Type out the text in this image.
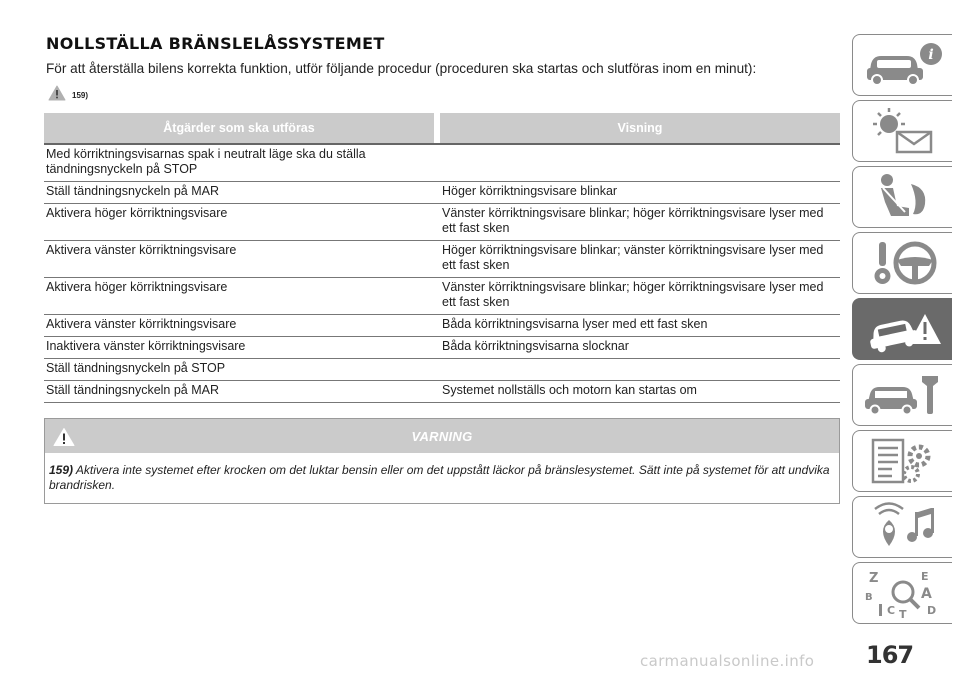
NOLLSTÄLLA BRÄNSLELÅSSYSTEMET
För att återställa bilens korrekta funktion, utför följande procedur (proceduren ska startas och slutföras inom en minut):
159)
Åtgärder som ska utföras		Visning
Med körriktningsvisarnas spak i neutralt läge ska du ställa tändningsnyckeln på STOP		
Ställ tändningsnyckeln på MAR		Höger körriktningsvisare blinkar
Aktivera höger körriktningsvisare		Vänster körriktningsvisare blinkar; höger körriktningsvisare lyser med ett fast sken
Aktivera vänster körriktningsvisare		Höger körriktningsvisare blinkar; vänster körriktningsvisare lyser med ett fast sken
Aktivera höger körriktningsvisare		Vänster körriktningsvisare blinkar; höger körriktningsvisare lyser med ett fast sken
Aktivera vänster körriktningsvisare		Båda körriktningsvisarna lyser med ett fast sken
Inaktivera vänster körriktningsvisare		Båda körriktningsvisarna slocknar
Ställ tändningsnyckeln på STOP		
Ställ tändningsnyckeln på MAR		Systemet nollställs och motorn kan startas om
VARNING
159) Aktivera inte systemet efter krocken om det luktar bensin eller om det uppstått läckor på bränslesystemet. Sätt inte på systemet för att undvika brandrisken.
i
Z	E
A
B
C T D
167
carmanualsonline.info
